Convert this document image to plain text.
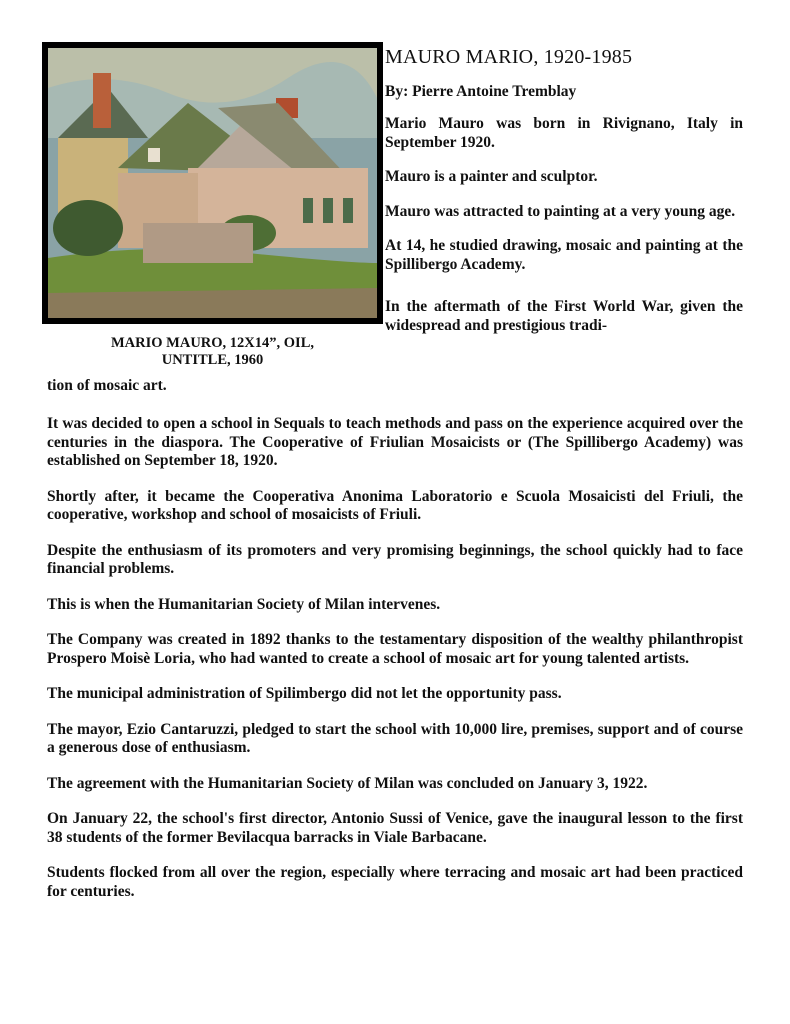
MARIO MAURO, 12X14”, OIL,
UNTITLE, 1960

MAURO MARIO, 1920-1985

By: Pierre Antoine Tremblay

Mario Mauro was born in Rivignano, Italy in September 1920.

Mauro is a painter and sculptor.

Mauro was attracted to painting at a very young age.

At 14, he studied drawing, mosaic and painting at the Spillibergo Academy.

In the aftermath of the First World War, given the widespread and prestigious tradi-

tion of mosaic art.

It was decided to open a school in Sequals to teach methods and pass on the experience acquired over the centuries in the diaspora. The Cooperative of Friulian Mosaicists or (The Spillibergo Academy) was established on September 18, 1920.

Shortly after, it became the Cooperativa Anonima Laboratorio e Scuola Mosaicisti del Friuli, the cooperative, workshop and school of mosaicists of Friuli.

Despite the enthusiasm of its promoters and very promising beginnings, the school quickly had to face financial problems.

This is when the Humanitarian Society of Milan intervenes.

The Company was created in 1892 thanks to the testamentary disposition of the wealthy philanthropist Prospero Moisè Loria, who had wanted to create a school of mosaic art for young talented artists.

The municipal administration of Spilimbergo did not let the opportunity pass.

The mayor, Ezio Cantaruzzi, pledged to start the school with 10,000 lire, premises, support and of course a generous dose of enthusiasm.

The agreement with the Humanitarian Society of Milan was concluded on January 3, 1922.

On January 22, the school's first director, Antonio Sussi of Venice, gave the inaugural lesson to the first 38 students of the former Bevilacqua barracks in Viale Barbacane.

Students flocked from all over the region, especially where terracing and mosaic art had been practiced for centuries.
